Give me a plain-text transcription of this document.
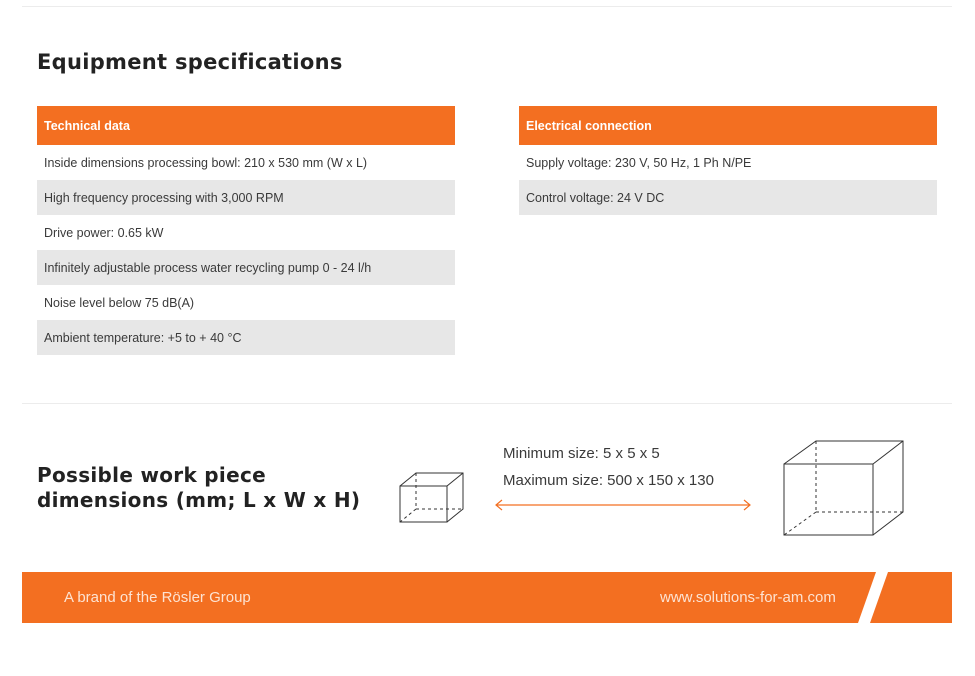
Equipment specifications
Technical data
Inside dimensions processing bowl: 210 x 530 mm (W x L)
High frequency processing with 3,000 RPM
Drive power: 0.65 kW
Infinitely adjustable process water recycling pump 0 - 24 l/h
Noise level below 75 dB(A)
Ambient temperature: +5 to + 40 °C
Electrical connection
Supply voltage: 230 V, 50 Hz, 1 Ph N/PE
Control voltage: 24 V DC
Possible work piece
dimensions (mm; L x W x H)
Minimum size: 5 x 5 x 5
Maximum size: 500 x 150 x 130
A brand of the Rösler Group	www.solutions-for-am.com
